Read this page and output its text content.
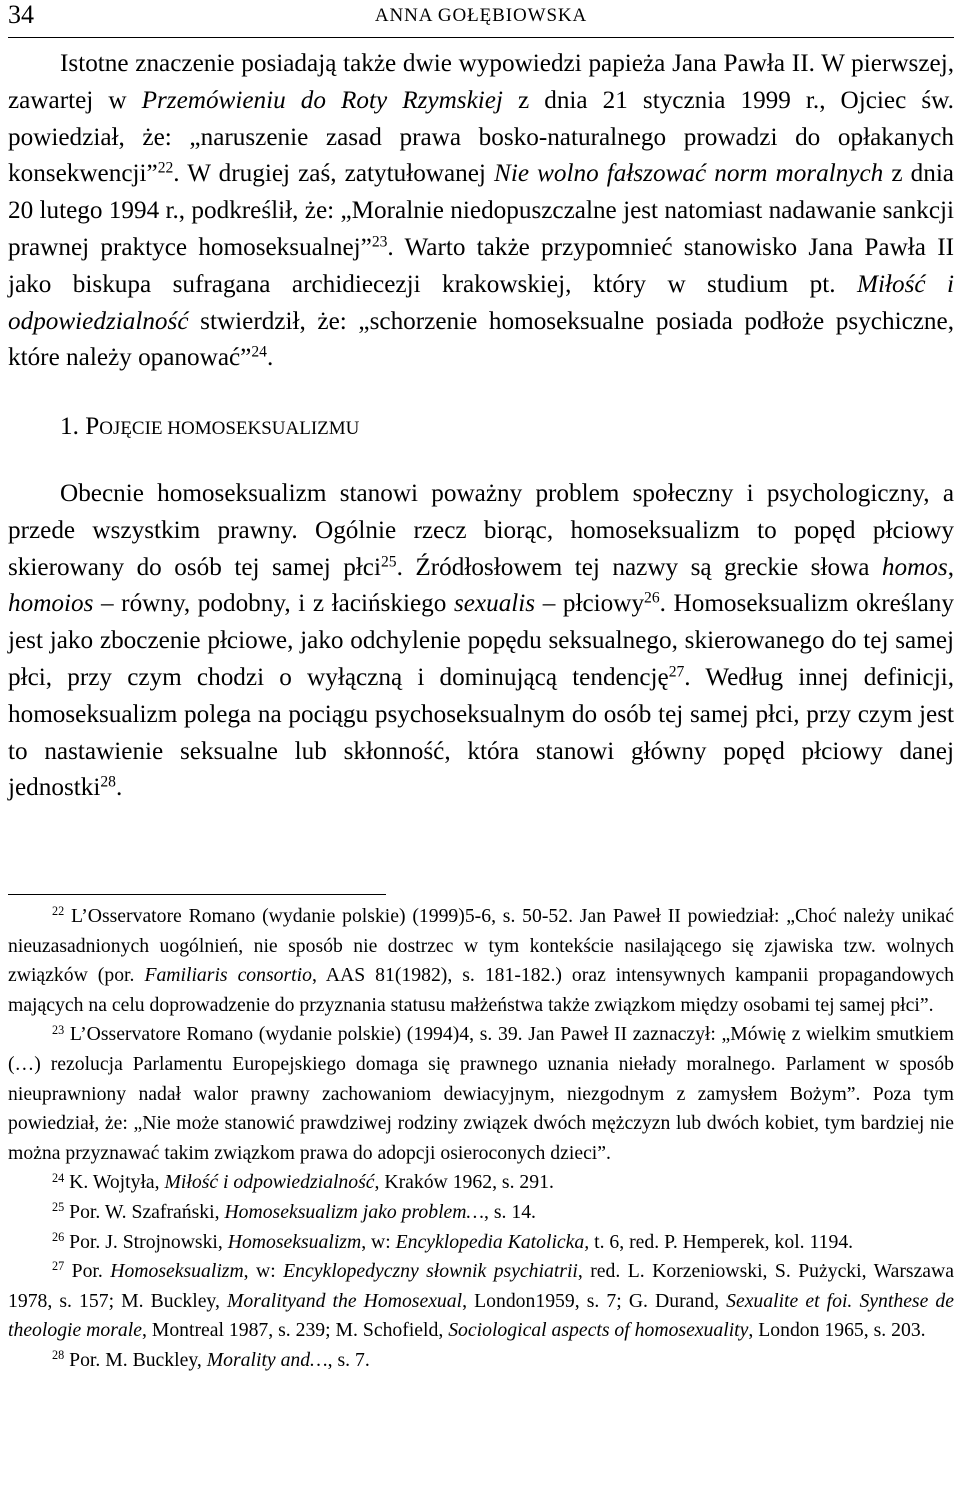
34	ANNA GOŁĘBIOWSKA

Istotne znaczenie posiadają także dwie wypowiedzi papieża Jana Pawła II. W pierwszej, zawartej w Przemówieniu do Roty Rzymskiej z dnia 21 stycznia 1999 r., Ojciec św. powiedział, że: „naruszenie zasad prawa bosko-naturalnego prowadzi do opłakanych konsekwencji”$^{22}$. W drugiej zaś, zatytułowanej Nie wolno fałszować norm moralnych z dnia 20 lutego 1994 r., podkreślił, że: „Moralnie niedopuszczalne jest natomiast nadawanie sankcji prawnej praktyce homoseksualnej”$^{23}$. Warto także przypomnieć stanowisko Jana Pawła II jako biskupa sufragana archidiecezji krakowskiej, który w studium pt. Miłość i odpowiedzialność stwierdził, że: „schorzenie homoseksualne posiada podłoże psychiczne, które należy opanować”$^{24}$.

1. POJĘCIE HOMOSEKSUALIZMU

Obecnie homoseksualizm stanowi poważny problem społeczny i psychologiczny, a przede wszystkim prawny. Ogólnie rzecz biorąc, homoseksualizm to popęd płciowy skierowany do osób tej samej płci$^{25}$. Źródłosłowem tej nazwy są greckie słowa homos, homoios – równy, podobny, i z łacińskiego sexualis – płciowy$^{26}$. Homoseksualizm określany jest jako zboczenie płciowe, jako odchylenie popędu seksualnego, skierowanego do tej samej płci, przy czym chodzi o wyłączną i dominującą tendencję$^{27}$. Według innej definicji, homoseksualizm polega na pociągu psychoseksualnym do osób tej samej płci, przy czym jest to nastawienie seksualne lub skłonność, która stanowi główny popęd płciowy danej jednostki$^{28}$.

$^{22}$ L’Osservatore Romano (wydanie polskie) (1999)5-6, s. 50-52. Jan Paweł II powiedział: „Choć należy unikać nieuzasadnionych uogólnień, nie sposób nie dostrzec w tym kontekście nasilającego się zjawiska tzw. wolnych związków (por. Familiaris consortio, AAS 81(1982), s. 181-182.) oraz intensywnych kampanii propagandowych mających na celu doprowadzenie do przyznania statusu małżeństwa także związkom między osobami tej samej płci”.

$^{23}$ L’Osservatore Romano (wydanie polskie) (1994)4, s. 39. Jan Paweł II zaznaczył: „Mówię z wielkim smutkiem (…) rezolucja Parlamentu Europejskiego domaga się prawnego uznania niełady moralnego. Parlament w sposób nieuprawniony nadał walor prawny zachowaniom dewiacyjnym, niezgodnym z zamysłem Bożym”. Poza tym powiedział, że: „Nie może stanowić prawdziwej rodziny związek dwóch mężczyzn lub dwóch kobiet, tym bardziej nie można przyznawać takim związkom prawa do adopcji osieroconych dzieci”.

$^{24}$ K. Wojtyła, Miłość i odpowiedzialność, Kraków 1962, s. 291.

$^{25}$ Por. W. Szafrański, Homoseksualizm jako problem…, s. 14.

$^{26}$ Por. J. Strojnowski, Homoseksualizm, w: Encyklopedia Katolicka, t. 6, red. P. Hemperek, kol. 1194.

$^{27}$ Por. Homoseksualizm, w: Encyklopedyczny słownik psychiatrii, red. L. Korzeniowski, S. Pużycki, Warszawa 1978, s. 157; M. Buckley, Moralityand the Homosexual, London1959, s. 7; G. Durand, Sexualite et foi. Synthese de theologie morale, Montreal 1987, s. 239; M. Schofield, Sociological aspects of homosexuality, London 1965, s. 203.

$^{28}$ Por. M. Buckley, Morality and…, s. 7.
